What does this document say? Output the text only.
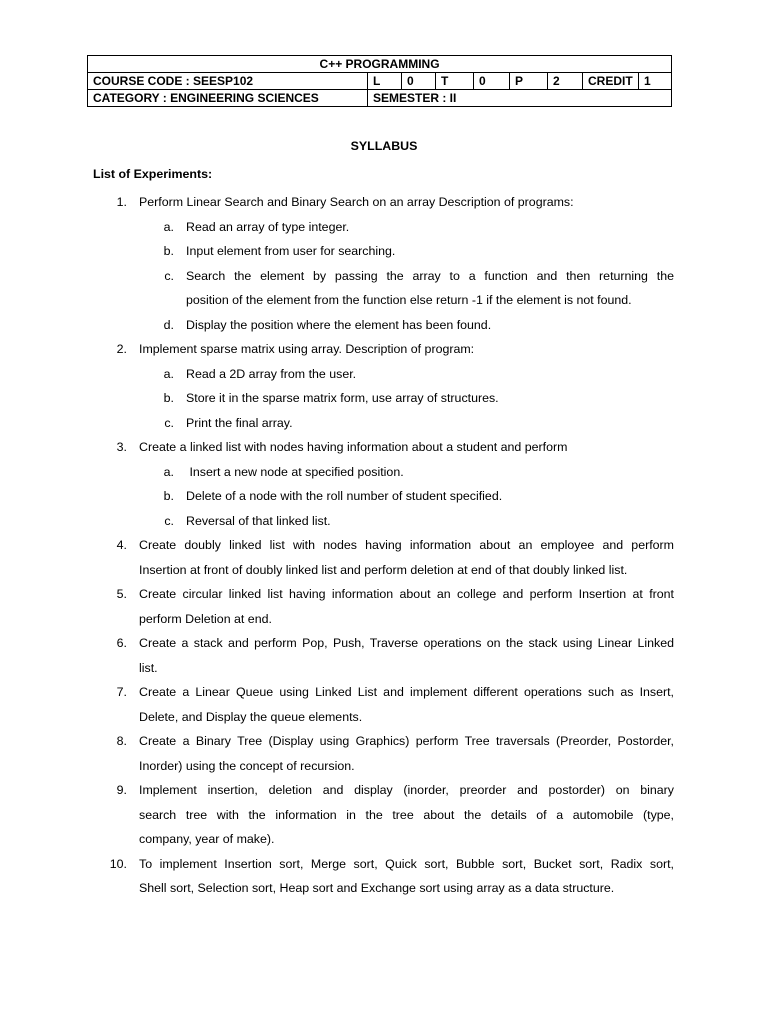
C++ PROGRAMMING								
COURSE CODE : SEESP102	L	0	T	0	P	2	CREDIT	1
CATEGORY : ENGINEERING SCIENCES	SEMESTER : II							
SYLLABUS
List of Experiments:
1. Perform Linear Search and Binary Search on an array Description of programs:
a. Read an array of type integer.
b. Input element from user for searching.
c. Search the element by passing the array to a function and then returning the
position of the element from the function else return -1 if the element is not found.
d. Display the position where the element has been found.
2. Implement sparse matrix using array. Description of program:
a. Read a 2D array from the user.
b. Store it in the sparse matrix form, use array of structures.
c. Print the final array.
3. Create a linked list with nodes having information about a student and perform
a. Insert a new node at specified position.
b. Delete of a node with the roll number of student specified.
c. Reversal of that linked list.
4. Create doubly linked list with nodes having information about an employee and perform
Insertion at front of doubly linked list and perform deletion at end of that doubly linked list.
5. Create circular linked list having information about an college and perform Insertion at front
perform Deletion at end.
6. Create a stack and perform Pop, Push, Traverse operations on the stack using Linear Linked
list.
7. Create a Linear Queue using Linked List and implement different operations such as Insert,
Delete, and Display the queue elements.
8. Create a Binary Tree (Display using Graphics) perform Tree traversals (Preorder, Postorder,
Inorder) using the concept of recursion.
9. Implement insertion, deletion and display (inorder, preorder and postorder) on binary
search tree with the information in the tree about the details of a automobile (type,
company, year of make).
10. To implement Insertion sort, Merge sort, Quick sort, Bubble sort, Bucket sort, Radix sort,
Shell sort, Selection sort, Heap sort and Exchange sort using array as a data structure.
